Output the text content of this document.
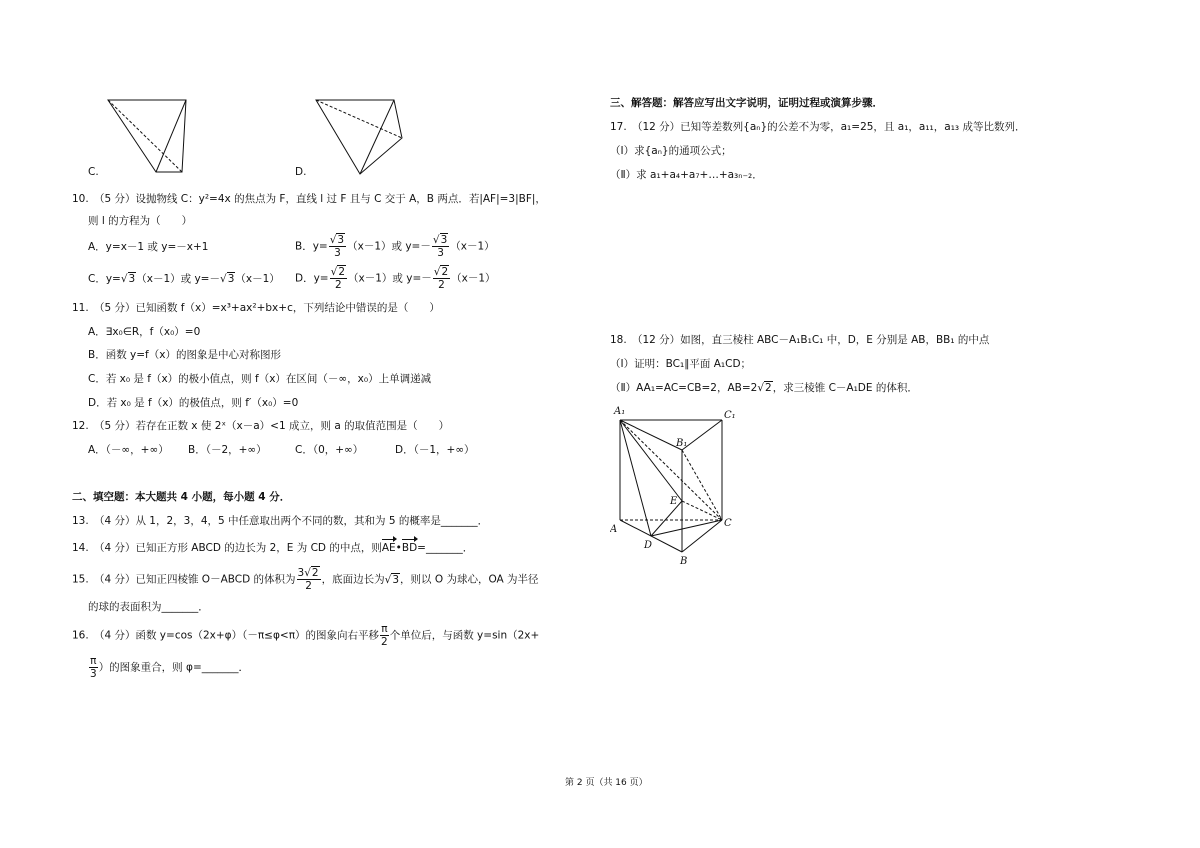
C.	D.
10.　（5 分）设抛物线 C：y²=4x 的焦点为 F，直线 l 过 F 且与 C 交于 A，B 两点．若|AF|=3|BF|，
则 l 的方程为（　　）
A．y=x－1 或 y=－x+1	B．$y= \frac{√3}{3} (x-1)$或 $y=- \frac{√3}{3} (x-1)$
C．y=√3（x－1）或 y=－√3（x－1） D．$y= \frac{√2}{2} (x-1)$或 $y=- \frac{√2}{2} (x-1)$
11.　（5 分）已知函数 f（x）=x³+ax²+bx+c，下列结论中错误的是（　　）
A．∃x₀∈R，f（x₀）=0
B．函数 y=f（x）的图象是中心对称图形
C．若 x₀ 是 f（x）的极小值点，则 f（x）在区间（－∞，x₀）上单调递减
D．若 x₀ 是 f（x）的极值点，则 f′（x₀）=0
12.　（5 分）若存在正数 x 使 2ˣ（x－a）<1 成立，则 a 的取值范围是（　　）
A．（－∞，+∞） B．（－2，+∞）	C．（0，+∞）	D．（－1，+∞）
二、填空题：本大题共 4 小题，每小题 4 分．
13.　（4 分）从 1，2，3，4，5 中任意取出两个不同的数，其和为 5 的概率是_______．
14.　（4 分）已知正方形 ABCD 的边长为 2，E 为 CD 的中点，则AE•BD=_______．
15.　（4 分）已知正四棱锥 O－ABCD 的体积为 $\frac{3√2}{2}$ ，底面边长为√3，则以 O 为球心，OA 为半径
的球的表面积为_______．
16.　（4 分）函数 y=cos（2x+φ）（－π≤φ<π）的图象向右平移 $\frac{\pi}{2}$ 个单位后，与函数 y=sin（2x+
$\frac{\pi}{3}$ ）的图象重合，则 φ=_______．
三、解答题：解答应写出文字说明，证明过程或演算步骤．
17.　（12 分）已知等差数列{aₙ}的公差不为零，a₁=25，且 a₁，a₁₁，a₁₃ 成等比数列．
（Ⅰ）求{aₙ}的通项公式；
（Ⅱ）求 a₁+a₄+a₇+…+a₃ₙ₋₂．
18.　（12 分）如图，直三棱柱 ABC－A₁B₁C₁ 中，D，E 分别是 AB，BB₁ 的中点
（Ⅰ）证明：BC₁∥平面 A₁CD；
（Ⅱ）AA₁=AC=CB=2，AB=2√2，求三棱锥 C－A₁DE 的体积．
A₁	C₁
B₁
E
A
C
D
B
第 2 页（共 16 页）
